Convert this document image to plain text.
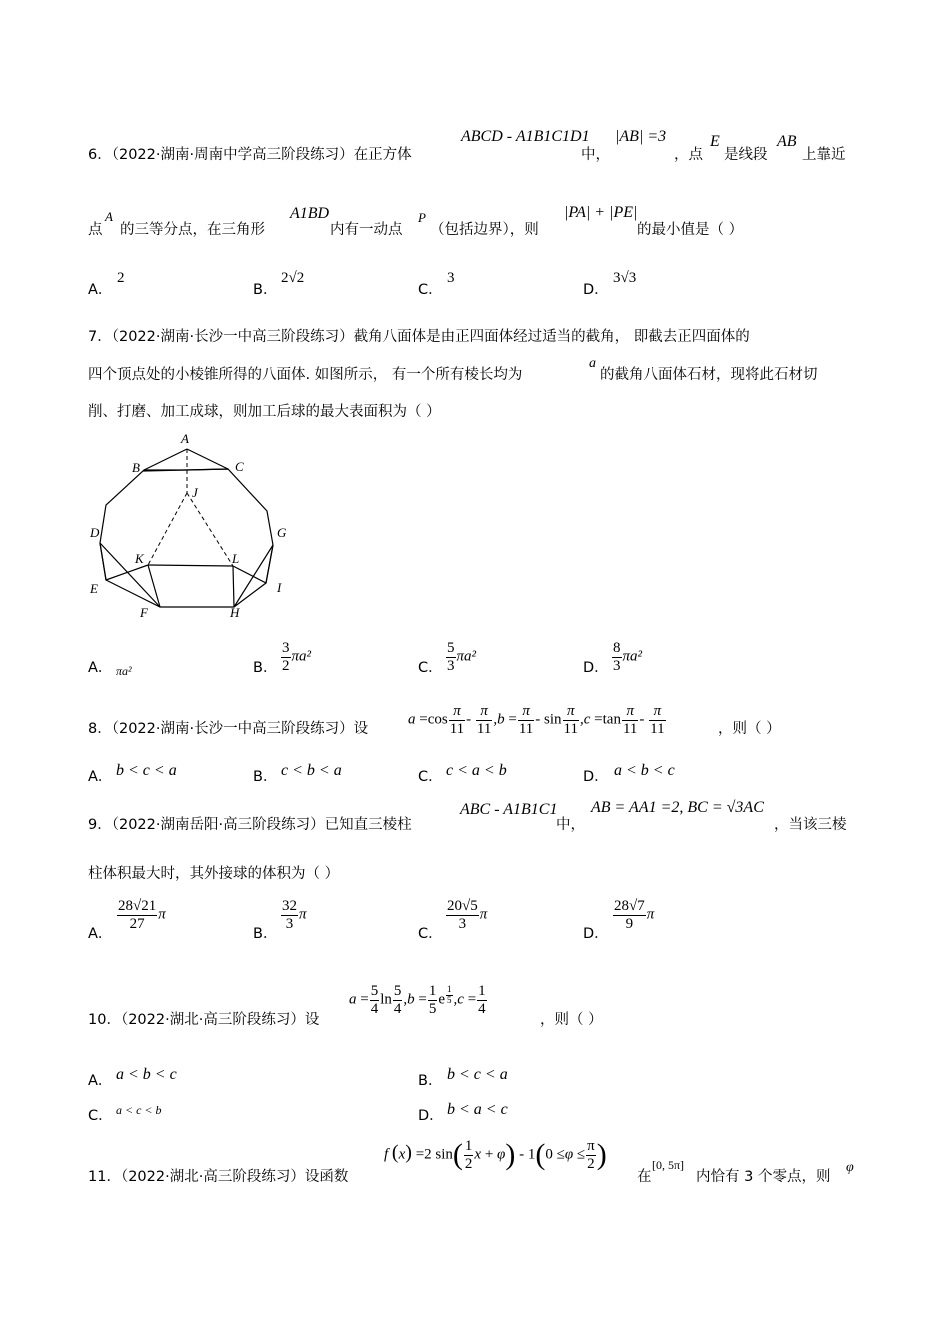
6．（2022·湖南·周南中学高三阶段练习）在正方体
ABCD - A1B1C1D1
中，
|AB| =3
，点
E
是线段
AB
上靠近
点
A
的三等分点，在三角形
A1BD
内有一动点
P
（包括边界），则
|PA| + |PE|
的最小值是（ ）
A．
2
B．
2√2
C．
3
D．
3√3
7．（2022·湖南·长沙一中高三阶段练习）截角八面体是由正四面体经过适当的截角， 即截去正四面体的
四个顶点处的小棱锥所得的八面体. 如图所示， 有一个所有棱长均为
a
的截角八面体石材，现将此石材切
削、打磨、加工成球，则加工后球的最大表面积为（ ）
A
B	C
J
D	G
K	L
E	I
F	H
A． πa²	B． $\frac{3}{2} \pi a^2$
C． $\frac{5}{3} \pi a^2$
D． $\frac{8}{3} \pi a^2$
8．（2022·湖南·长沙一中高三阶段练习）设
$a =\cos \frac{\pi}{11} - \frac{\pi}{11} ,b = \frac{\pi}{11} - \sin \frac{\pi}{11} ,c =\tan \frac{\pi}{11} - \frac{\pi}{11}$	，则（ ）
A． b < c < a	B． c < b < a	C． c < a < b	D． a < b < c
9．（2022·湖南岳阳·高三阶段练习）已知直三棱柱
ABC - A1B1C1
中，
AB = AA1 =2, BC = √3AC
，当该三棱
柱体积最大时，其外接球的体积为（ ）
A．
$\frac{28√21}{27}$ π
B．
$\frac{32}{3}$ π
C．
$\frac{20√5}{3}$ π
D．
$\frac{28√7}{9}$ π
10．（2022·湖北·高三阶段练习）设
$a = \frac{5}{4}$ $\ln \frac{5}{4} ,b = \frac{1}{5}$ e $^{\frac{1}{5}}$ $,c = \frac{1}{4}$
，则（ ）
A． a < b < c	B． b < c < a
C． a < c < b	D． b < a < c
11．（2022·湖北·高三阶段练习）设函数
f (x) =2 $\sin( \frac{1}{2}$ $x + \varphi) - 1(0 \le\varphi \le \frac{\pi}{2}$ )
在
[0, 5π]
内恰有 3 个零点，则
φ
